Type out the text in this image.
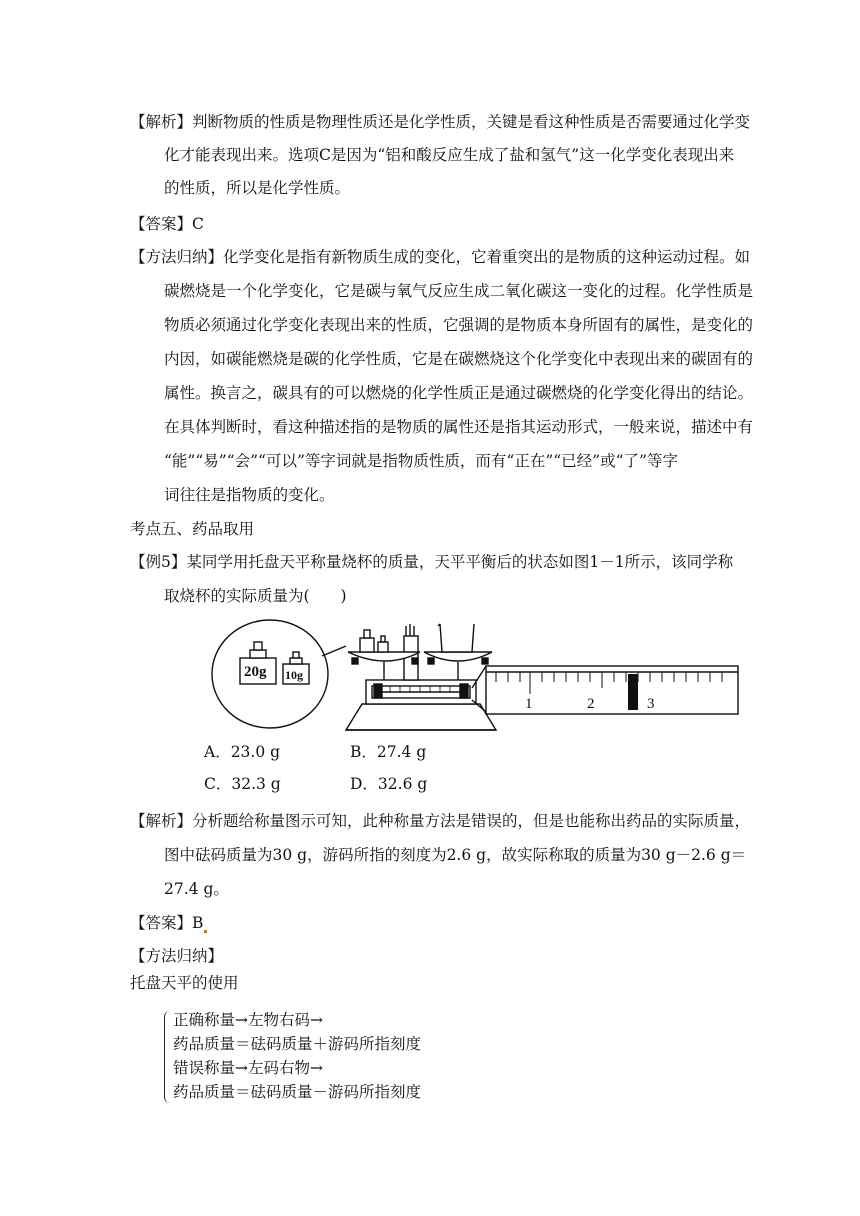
【解析】判断物质的性质是物理性质还是化学性质，关键是看这种性质是否需要通过化学变
化才能表现出来。选项C是因为“铝和酸反应生成了盐和氢气”这一化学变化表现出来
的性质，所以是化学性质。
【答案】C
【方法归纳】化学变化是指有新物质生成的变化，它着重突出的是物质的这种运动过程。如
碳燃烧是一个化学变化，它是碳与氧气反应生成二氧化碳这一变化的过程。化学性质是
物质必须通过化学变化表现出来的性质，它强调的是物质本身所固有的属性，是变化的
内因，如碳能燃烧是碳的化学性质，它是在碳燃烧这个化学变化中表现出来的碳固有的
属性。换言之，碳具有的可以燃烧的化学性质正是通过碳燃烧的化学变化得出的结论。
在具体判断时，看这种描述指的是物质的属性还是指其运动形式，一般来说，描述中有
“能”“易”“会”“可以”等字词就是指物质性质，而有“正在”“已经”或“了”等字
词往往是指物质的变化。
考点五、药品取用
【例5】某同学用托盘天平称量烧杯的质量，天平平衡后的状态如图1－1所示，该同学称
取烧杯的实际质量为(　　)
20g 10g
1	2	3
A．23.0 g	B．27.4 g
C．32.3 g	D．32.6 g
【解析】分析题给称量图示可知，此种称量方法是错误的，但是也能称出药品的实际质量，
图中砝码质量为30 g，游码所指的刻度为2.6 g，故实际称取的质量为30 g－2.6 g＝
27.4 g。
【答案】B
【方法归纳】
托盘天平的使用
正确称量→左物右码→
药品质量＝砝码质量＋游码所指刻度
错误称量→左码右物→
药品质量＝砝码质量－游码所指刻度
